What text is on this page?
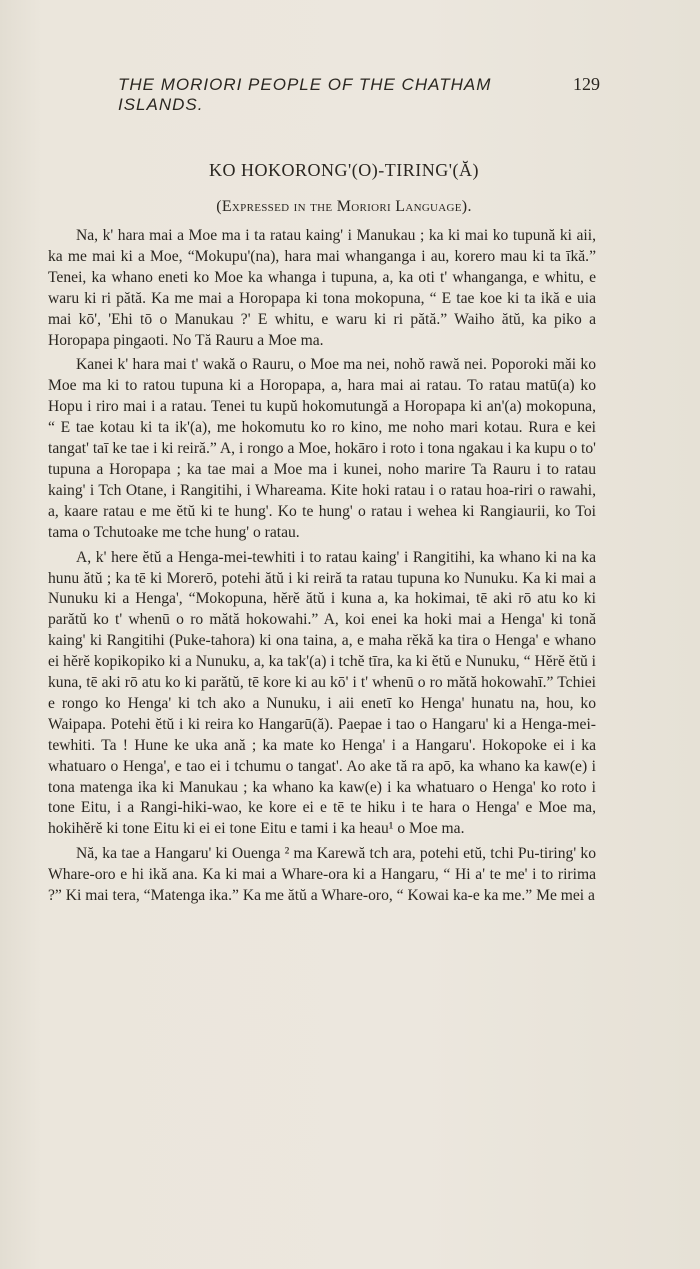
THE MORIORI PEOPLE OF THE CHATHAM ISLANDS.
129
KO HOKORONG'(O)-TIRING'(Ă)
(Expressed in the Moriori Language).

Na, k' hara mai a Moe ma i ta ratau kaing' i Manukau ; ka ki mai ko tupună ki aii, ka me mai ki a Moe, “Mokupu'(na), hara mai whanganga i au, korero mau ki ta īkă.” Tenei, ka whano eneti ko Moe ka whanga i tupuna, a, ka oti t' whanganga, e whitu, e waru ki ri pătă. Ka me mai a Horopapa ki tona mokopuna, “ E tae koe ki ta ikă e uia mai kō', 'Ehi tō o Manukau ?' E whitu, e waru ki ri pătă.” Waiho ătŭ, ka piko a Horopapa pingaoti. No Tă Rauru a Moe ma.

Kanei k' hara mai t' wakă o Rauru, o Moe ma nei, nohŏ rawă nei. Poporoki măi ko Moe ma ki to ratou tupuna ki a Horopapa, a, hara mai ai ratau. To ratau matū(a) ko Hopu i riro mai i a ratau. Tenei tu kupŭ hokomutungă a Horopapa ki an'(a) mokopuna, “ E tae kotau ki ta ik'(a), me hokomutu ko ro kino, me noho mari kotau. Rura e kei tangat' taī ke tae i ki reiră.” A, i rongo a Moe, hokāro i roto i tona ngakau i ka kupu o to' tupuna a Horopapa ; ka tae mai a Moe ma i kunei, noho marire Ta Rauru i to ratau kaing' i Tch Otane, i Rangitihi, i Whareama. Kite hoki ratau i o ratau hoa-riri o rawahi, a, kaare ratau e me ĕtŭ ki te hung'. Ko te hung' o ratau i wehea ki Rangiaurii, ko Toi tama o Tchutoake me tche hung' o ratau.

A, k' here ĕtŭ a Henga-mei-tewhiti i to ratau kaing' i Rangitihi, ka whano ki na ka hunu ătŭ ; ka tē ki Morerō, potehi ătŭ i ki reiră ta ratau tupuna ko Nunuku. Ka ki mai a Nunuku ki a Henga', “Mokopuna, hĕrĕ ătŭ i kuna a, ka hokimai, tē aki rō atu ko ki parătŭ ko t' whenū o ro mătă hokowahi.” A, koi enei ka hoki mai a Henga' ki tonă kaing' ki Rangitihi (Puke-tahora) ki ona taina, a, e maha rĕkă ka tira o Henga' e whano ei hĕrĕ kopikopiko ki a Nunuku, a, ka tak'(a) i tchĕ tīra, ka ki ĕtŭ e Nunuku, “ Hĕrĕ ĕtŭ i kuna, tē aki rō atu ko ki parătŭ, tē kore ki au kō' i t' whenū o ro mătă hokowahī.” Tchiei e rongo ko Henga' ki tch ako a Nunuku, i aii enetī ko Henga' hunatu na, hou, ko Waipapa. Potehi ĕtŭ i ki reira ko Hangarū(ă). Paepae i tao o Hangaru' ki a Henga-mei-tewhiti. Ta ! Hune ke uka ană ; ka mate ko Henga' i a Hangaru'. Hokopoke ei i ka whatuaro o Henga', e tao ei i tchumu o tangat'. Ao ake tă ra apō, ka whano ka kaw(e) i tona matenga ika ki Manukau ; ka whano ka kaw(e) i ka whatuaro o Henga' ko roto i tone Eitu, i a Rangi-hiki-wao, ke kore ei e tē te hiku i te hara o Henga' e Moe ma, hokihĕrĕ ki tone Eitu ki ei ei tone Eitu e tami i ka heau¹ o Moe ma.

Nă, ka tae a Hangaru' ki Ouenga ² ma Karewă tch ara, potehi etŭ, tchi Pu-tiring' ko Whare-oro e hi ikă ana. Ka ki mai a Whare-ora ki a Hangaru, “ Hi a' te me' i to ririma ?” Ki mai tera, “Matenga ika.” Ka me ătŭ a Whare-oro, “ Kowai ka-e ka me.” Me mei a
